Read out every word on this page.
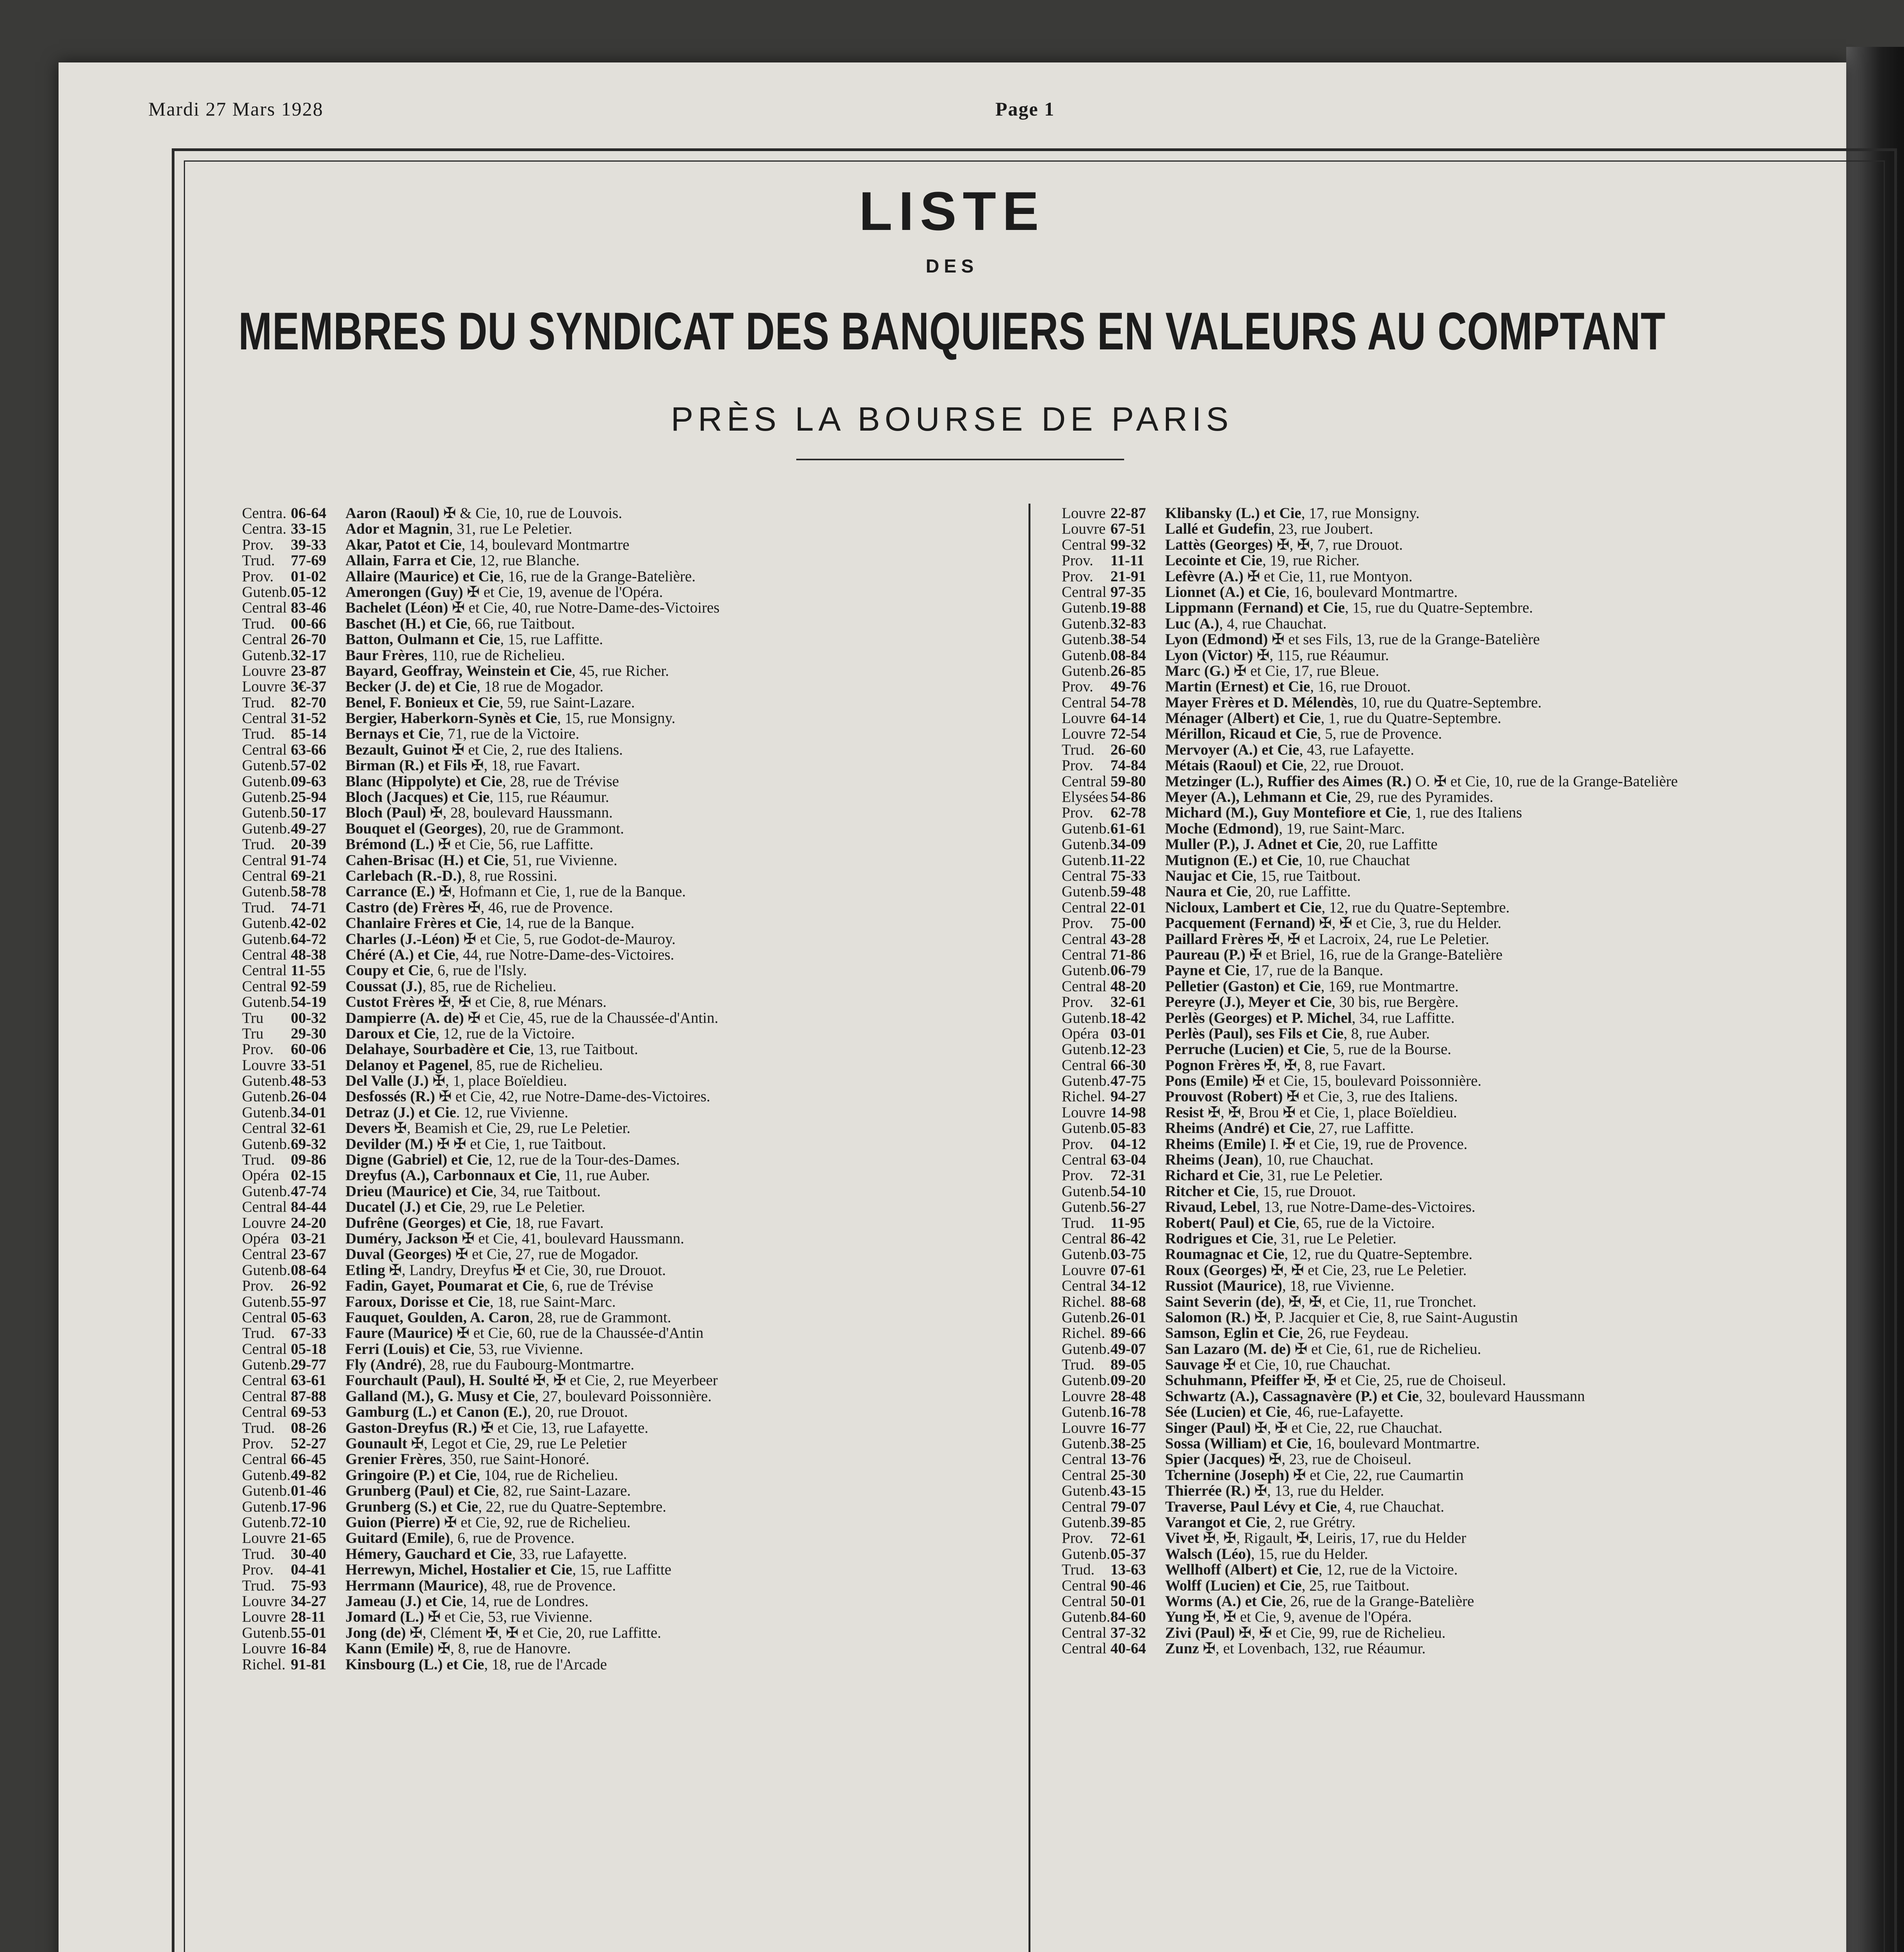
Mardi 27 Mars 1928	Page 1
LISTE
DES
MEMBRES DU SYNDICAT DES BANQUIERS EN VALEURS AU COMPTANT
PRÈS LA BOURSE DE PARIS
Centra. 06-64 Aaron (Raoul) ✠ & Cie, 10, rue de Louvois.
Centra. 33-15 Ador et Magnin, 31, rue Le Peletier.
Prov. 39-33 Akar, Patot et Cie, 14, boulevard Montmartre
Trud. 77-69 Allain, Farra et Cie, 12, rue Blanche.
Prov. 01-02 Allaire (Maurice) et Cie, 16, rue de la Grange-Batelière.
Gutenb.05-12 Amerongen (Guy) ✠ et Cie, 19, avenue de l'Opéra.
Central 83-46 Bachelet (Léon) ✠ et Cie, 40, rue Notre-Dame-des-Victoires
Trud. 00-66 Baschet (H.) et Cie, 66, rue Taitbout.
Central 26-70 Batton, Oulmann et Cie, 15, rue Laffitte.
Gutenb.32-17 Baur Frères, 110, rue de Richelieu.
Louvre 23-87 Bayard, Geoffray, Weinstein et Cie, 45, rue Richer.
Louvre 3€-37 Becker (J. de) et Cie, 18 rue de Mogador.
Trud. 82-70 Benel, F. Bonieux et Cie, 59, rue Saint-Lazare.
Central 31-52 Bergier, Haberkorn-Synès et Cie, 15, rue Monsigny.
Trud. 85-14 Bernays et Cie, 71, rue de la Victoire.
Central 63-66 Bezault, Guinot ✠ et Cie, 2, rue des Italiens.
Gutenb.57-02 Birman (R.) et Fils ✠, 18, rue Favart.
Gutenb.09-63 Blanc (Hippolyte) et Cie, 28, rue de Trévise
Gutenb.25-94 Bloch (Jacques) et Cie, 115, rue Réaumur.
Gutenb.50-17 Bloch (Paul) ✠, 28, boulevard Haussmann.
Gutenb.49-27 Bouquet el (Georges), 20, rue de Grammont.
Trud. 20-39 Brémond (L.) ✠ et Cie, 56, rue Laffitte.
Central 91-74 Cahen-Brisac (H.) et Cie, 51, rue Vivienne.
Central 69-21 Carlebach (R.-D.), 8, rue Rossini.
Gutenb.58-78 Carrance (E.) ✠, Hofmann et Cie, 1, rue de la Banque.
Trud. 74-71 Castro (de) Frères ✠, 46, rue de Provence.
Gutenb.42-02 Chanlaire Frères et Cie, 14, rue de la Banque.
Gutenb.64-72 Charles (J.-Léon) ✠ et Cie, 5, rue Godot-de-Mauroy.
Central 48-38 Chéré (A.) et Cie, 44, rue Notre-Dame-des-Victoires.
Central 11-55 Coupy et Cie, 6, rue de l'Isly.
Central 92-59 Coussat (J.), 85, rue de Richelieu.
Gutenb.54-19 Custot Frères ✠, ✠ et Cie, 8, rue Ménars.
Tru 00-32 Dampierre (A. de) ✠ et Cie, 45, rue de la Chaussée-d'Antin.
Tru 29-30 Daroux et Cie, 12, rue de la Victoire.
Prov. 60-06 Delahaye, Sourbadère et Cie, 13, rue Taitbout.
Louvre 33-51 Delanoy et Pagenel, 85, rue de Richelieu.
Gutenb.48-53 Del Valle (J.) ✠, 1, place Boïeldieu.
Gutenb.26-04 Desfossés (R.) ✠ et Cie, 42, rue Notre-Dame-des-Victoires.
Gutenb.34-01 Detraz (J.) et Cie. 12, rue Vivienne.
Central 32-61 Devers ✠, Beamish et Cie, 29, rue Le Peletier.
Gutenb.69-32 Devilder (M.) ✠ ✠ et Cie, 1, rue Taitbout.
Trud. 09-86 Digne (Gabriel) et Cie, 12, rue de la Tour-des-Dames.
Opéra 02-15 Dreyfus (A.), Carbonnaux et Cie, 11, rue Auber.
Gutenb.47-74 Drieu (Maurice) et Cie, 34, rue Taitbout.
Central 84-44 Ducatel (J.) et Cie, 29, rue Le Peletier.
Louvre 24-20 Dufrêne (Georges) et Cie, 18, rue Favart.
Opéra 03-21 Duméry, Jackson ✠ et Cie, 41, boulevard Haussmann.
Central 23-67 Duval (Georges) ✠ et Cie, 27, rue de Mogador.
Gutenb.08-64 Etling ✠, Landry, Dreyfus ✠ et Cie, 30, rue Drouot.
Prov. 26-92 Fadin, Gayet, Poumarat et Cie, 6, rue de Trévise
Gutenb.55-97 Faroux, Dorisse et Cie, 18, rue Saint-Marc.
Central 05-63 Fauquet, Goulden, A. Caron, 28, rue de Grammont.
Trud. 67-33 Faure (Maurice) ✠ et Cie, 60, rue de la Chaussée-d'Antin
Central 05-18 Ferri (Louis) et Cie, 53, rue Vivienne.
Gutenb.29-77 Fly (André), 28, rue du Faubourg-Montmartre.
Central 63-61 Fourchault (Paul), H. Soulté ✠, ✠ et Cie, 2, rue Meyerbeer
Central 87-88 Galland (M.), G. Musy et Cie, 27, boulevard Poissonnière.
Central 69-53 Gamburg (L.) et Canon (E.), 20, rue Drouot.
Trud. 08-26 Gaston-Dreyfus (R.) ✠ et Cie, 13, rue Lafayette.
Prov. 52-27 Gounault ✠, Legot et Cie, 29, rue Le Peletier
Central 66-45 Grenier Frères, 350, rue Saint-Honoré.
Gutenb.49-82 Gringoire (P.) et Cie, 104, rue de Richelieu.
Gutenb.01-46 Grunberg (Paul) et Cie, 82, rue Saint-Lazare.
Gutenb.17-96 Grunberg (S.) et Cie, 22, rue du Quatre-Septembre.
Gutenb.72-10 Guion (Pierre) ✠ et Cie, 92, rue de Richelieu.
Louvre 21-65 Guitard (Emile), 6, rue de Provence.
Trud. 30-40 Hémery, Gauchard et Cie, 33, rue Lafayette.
Prov. 04-41 Herrewyn, Michel, Hostalier et Cie, 15, rue Laffitte
Trud. 75-93 Herrmann (Maurice), 48, rue de Provence.
Louvre 34-27 Jameau (J.) et Cie, 14, rue de Londres.
Louvre 28-11 Jomard (L.) ✠ et Cie, 53, rue Vivienne.
Gutenb.55-01 Jong (de) ✠, Clément ✠, ✠ et Cie, 20, rue Laffitte.
Louvre 16-84 Kann (Emile) ✠, 8, rue de Hanovre.
Richel. 91-81 Kinsbourg (L.) et Cie, 18, rue de l'Arcade
Louvre 22-87 Klibansky (L.) et Cie, 17, rue Monsigny.
Louvre 67-51 Lallé et Gudefin, 23, rue Joubert.
Central 99-32 Lattès (Georges) ✠, ✠, 7, rue Drouot.
Prov. 11-11 Lecointe et Cie, 19, rue Richer.
Prov. 21-91 Lefèvre (A.) ✠ et Cie, 11, rue Montyon.
Central 97-35 Lionnet (A.) et Cie, 16, boulevard Montmartre.
Gutenb.19-88 Lippmann (Fernand) et Cie, 15, rue du Quatre-Septembre.
Gutenb.32-83 Luc (A.), 4, rue Chauchat.
Gutenb.38-54 Lyon (Edmond) ✠ et ses Fils, 13, rue de la Grange-Batelière
Gutenb.08-84 Lyon (Victor) ✠, 115, rue Réaumur.
Gutenb.26-85 Marc (G.) ✠ et Cie, 17, rue Bleue.
Prov. 49-76 Martin (Ernest) et Cie, 16, rue Drouot.
Central 54-78 Mayer Frères et D. Mélendès, 10, rue du Quatre-Septembre.
Louvre 64-14 Ménager (Albert) et Cie, 1, rue du Quatre-Septembre.
Louvre 72-54 Mérillon, Ricaud et Cie, 5, rue de Provence.
Trud. 26-60 Mervoyer (A.) et Cie, 43, rue Lafayette.
Prov. 74-84 Métais (Raoul) et Cie, 22, rue Drouot.
Central 59-80 Metzinger (L.), Ruffier des Aimes (R.) O. ✠ et Cie, 10, rue de la Grange-Batelière
Elysées 54-86 Meyer (A.), Lehmann et Cie, 29, rue des Pyramides.
Prov. 62-78 Michard (M.), Guy Montefiore et Cie, 1, rue des Italiens
Gutenb.61-61 Moche (Edmond), 19, rue Saint-Marc.
Gutenb.34-09 Muller (P.), J. Adnet et Cie, 20, rue Laffitte
Gutenb.11-22 Mutignon (E.) et Cie, 10, rue Chauchat
Central 75-33 Naujac et Cie, 15, rue Taitbout.
Gutenb.59-48 Naura et Cie, 20, rue Laffitte.
Central 22-01 Nicloux, Lambert et Cie, 12, rue du Quatre-Septembre.
Prov. 75-00 Pacquement (Fernand) ✠, ✠ et Cie, 3, rue du Helder.
Central 43-28 Paillard Frères ✠, ✠ et Lacroix, 24, rue Le Peletier.
Central 71-86 Paureau (P.) ✠ et Briel, 16, rue de la Grange-Batelière
Gutenb.06-79 Payne et Cie, 17, rue de la Banque.
Central 48-20 Pelletier (Gaston) et Cie, 169, rue Montmartre.
Prov. 32-61 Pereyre (J.), Meyer et Cie, 30 bis, rue Bergère.
Gutenb.18-42 Perlès (Georges) et P. Michel, 34, rue Laffitte.
Opéra 03-01 Perlès (Paul), ses Fils et Cie, 8, rue Auber.
Gutenb.12-23 Perruche (Lucien) et Cie, 5, rue de la Bourse.
Central 66-30 Pognon Frères ✠, ✠, 8, rue Favart.
Gutenb.47-75 Pons (Emile) ✠ et Cie, 15, boulevard Poissonnière.
Richel. 94-27 Prouvost (Robert) ✠ et Cie, 3, rue des Italiens.
Louvre 14-98 Resist ✠, ✠, Brou ✠ et Cie, 1, place Boïeldieu.
Gutenb.05-83 Rheims (André) et Cie, 27, rue Laffitte.
Prov. 04-12 Rheims (Emile) I. ✠ et Cie, 19, rue de Provence.
Central 63-04 Rheims (Jean), 10, rue Chauchat.
Prov. 72-31 Richard et Cie, 31, rue Le Peletier.
Gutenb.54-10 Ritcher et Cie, 15, rue Drouot.
Gutenb.56-27 Rivaud, Lebel, 13, rue Notre-Dame-des-Victoires.
Trud. 11-95 Robert( Paul) et Cie, 65, rue de la Victoire.
Central 86-42 Rodrigues et Cie, 31, rue Le Peletier.
Gutenb.03-75 Roumagnac et Cie, 12, rue du Quatre-Septembre.
Louvre 07-61 Roux (Georges) ✠, ✠ et Cie, 23, rue Le Peletier.
Central 34-12 Russiot (Maurice), 18, rue Vivienne.
Richel. 88-68 Saint Severin (de), ✠, ✠, et Cie, 11, rue Tronchet.
Gutenb.26-01 Salomon (R.) ✠, P. Jacquier et Cie, 8, rue Saint-Augustin
Richel. 89-66 Samson, Eglin et Cie, 26, rue Feydeau.
Gutenb.49-07 San Lazaro (M. de) ✠ et Cie, 61, rue de Richelieu.
Trud. 89-05 Sauvage ✠ et Cie, 10, rue Chauchat.
Gutenb.09-20 Schuhmann, Pfeiffer ✠, ✠ et Cie, 25, rue de Choiseul.
Louvre 28-48 Schwartz (A.), Cassagnavère (P.) et Cie, 32, boulevard Haussmann
Gutenb.16-78 Sée (Lucien) et Cie, 46, rue-Lafayette.
Louvre 16-77 Singer (Paul) ✠, ✠ et Cie, 22, rue Chauchat.
Gutenb.38-25 Sossa (William) et Cie, 16, boulevard Montmartre.
Central 13-76 Spier (Jacques) ✠, 23, rue de Choiseul.
Central 25-30 Tchernine (Joseph) ✠ et Cie, 22, rue Caumartin
Gutenb.43-15 Thierrée (R.) ✠, 13, rue du Helder.
Central 79-07 Traverse, Paul Lévy et Cie, 4, rue Chauchat.
Gutenb.39-85 Varangot et Cie, 2, rue Grétry.
Prov. 72-61 Vivet ✠, ✠, Rigault, ✠, Leiris, 17, rue du Helder
Gutenb.05-37 Walsch (Léo), 15, rue du Helder.
Trud. 13-63 Wellhoff (Albert) et Cie, 12, rue de la Victoire.
Central 90-46 Wolff (Lucien) et Cie, 25, rue Taitbout.
Central 50-01 Worms (A.) et Cie, 26, rue de la Grange-Batelière
Gutenb.84-60 Yung ✠, ✠ et Cie, 9, avenue de l'Opéra.
Central 37-32 Zivi (Paul) ✠, ✠ et Cie, 99, rue de Richelieu.
Central 40-64 Zunz ✠, et Lovenbach, 132, rue Réaumur.
